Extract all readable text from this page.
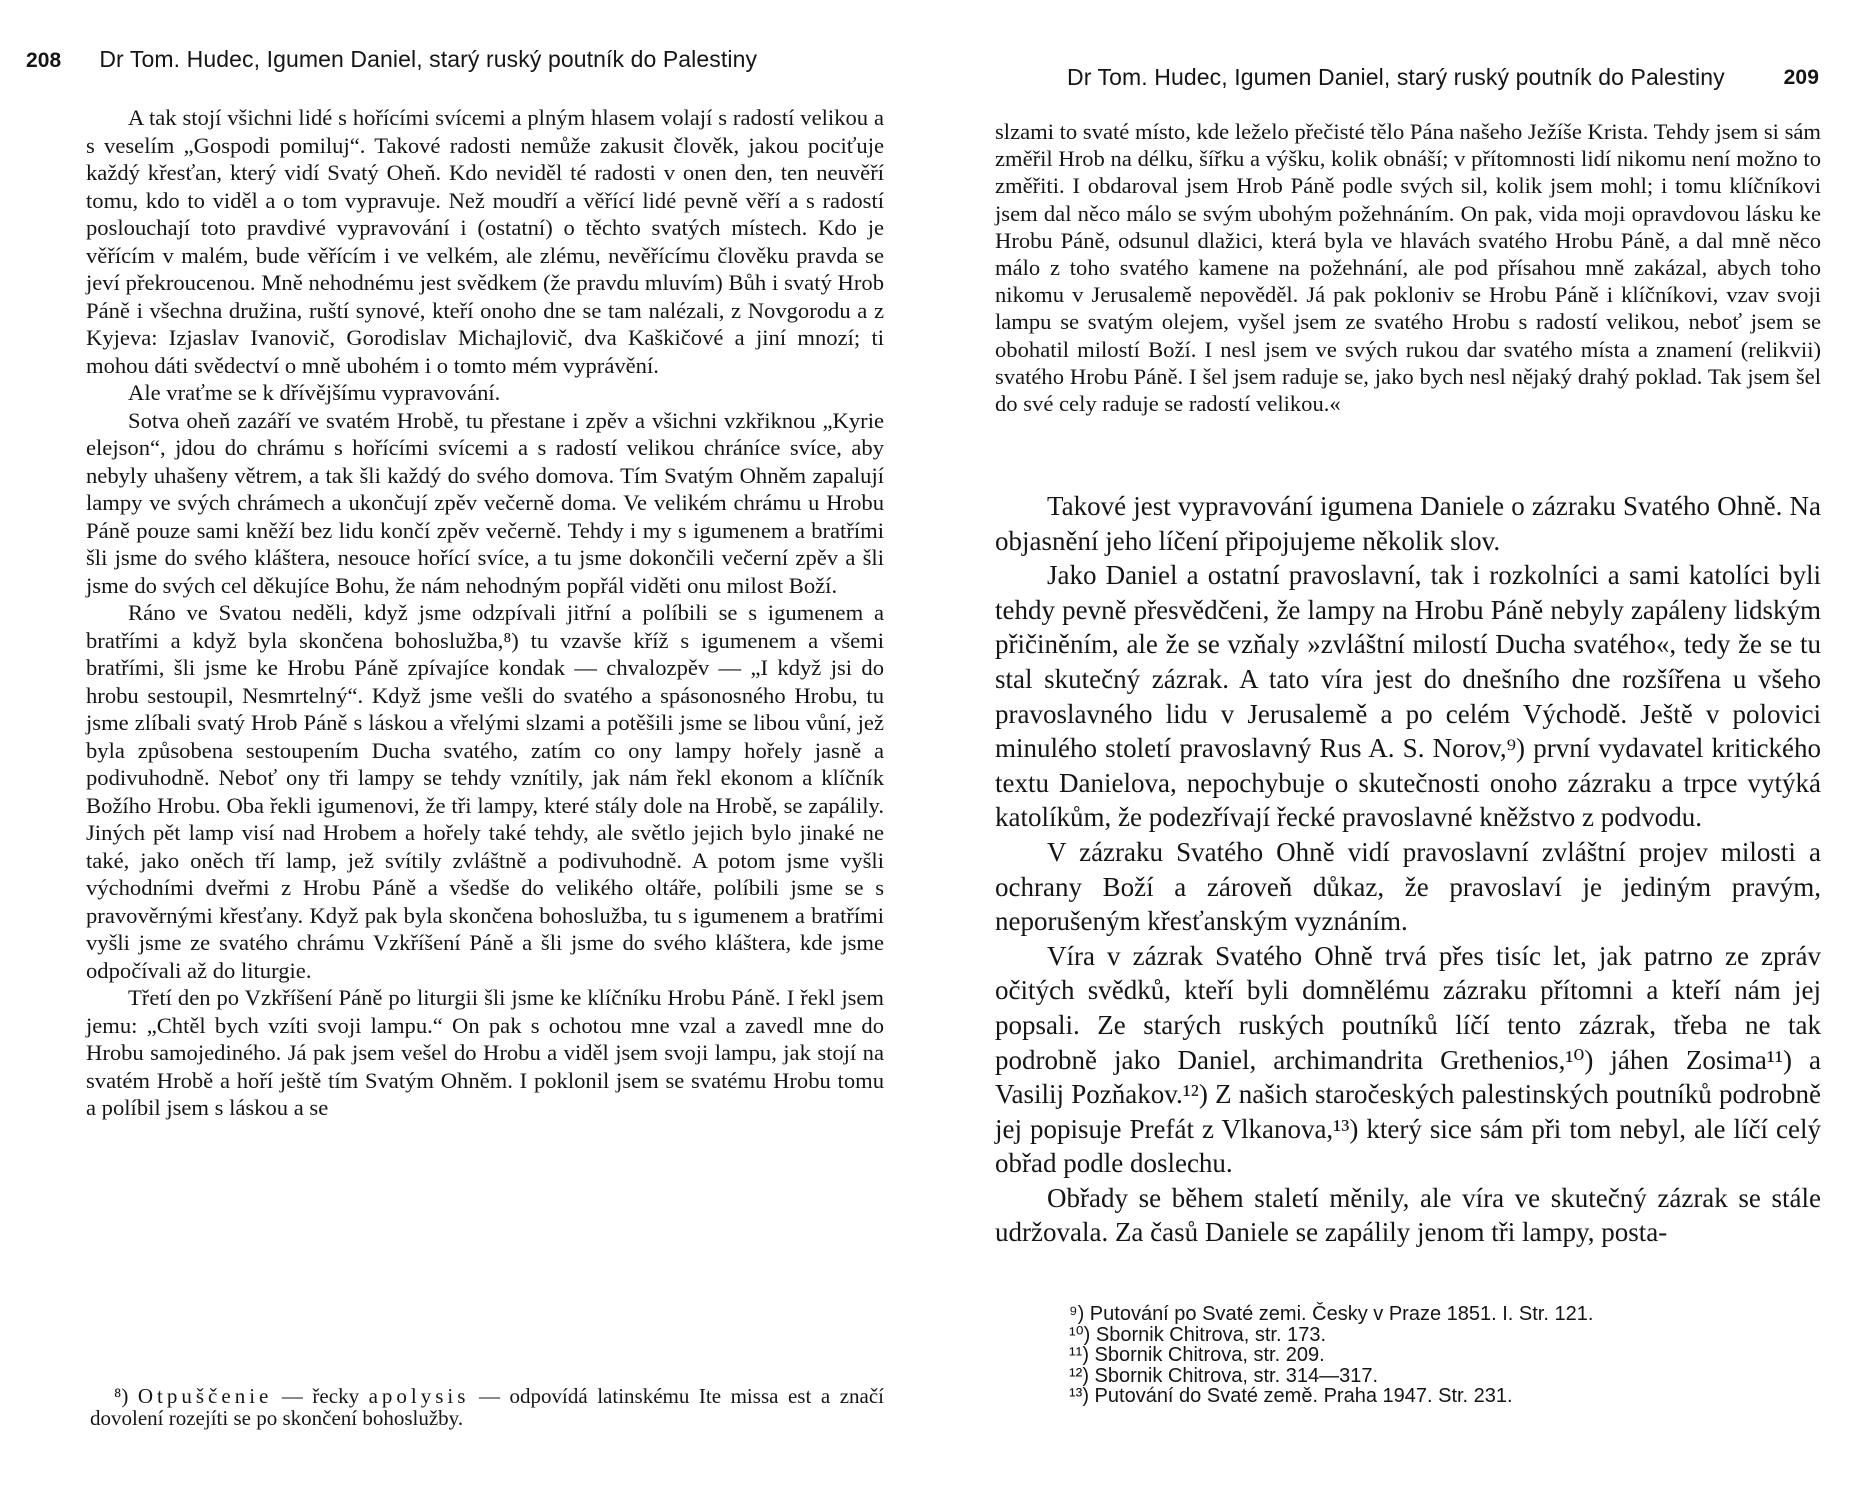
208 Dr Tom. Hudec, Igumen Daniel, starý ruský poutník do Palestiny

A tak stojí všichni lidé s hořícími svícemi a plným hlasem volají s radostí velikou a s veselím „Gospodi pomiluj“. Takové radosti nemůže zakusit člověk, jakou pociťuje každý křesťan, který vidí Svatý Oheň. Kdo neviděl té radosti v onen den, ten neuvěří tomu, kdo to viděl a o tom vypravuje. Než moudří a věřící lidé pevně věří a s radostí poslouchají toto pravdivé vypravování i (ostatní) o těchto svatých místech. Kdo je věřícím v malém, bude věřícím i ve velkém, ale zlému, nevěřícímu člověku pravda se jeví překroucenou. Mně nehodnému jest svědkem (že pravdu mluvím) Bůh i svatý Hrob Páně i všechna družina, ruští synové, kteří onoho dne se tam nalézali, z Novgorodu a z Kyjeva: Izjaslav Ivanovič, Gorodislav Michajlovič, dva Kaškičové a jiní mnozí; ti mohou dáti svědectví o mně ubohém i o tomto mém vyprávění.

Ale vraťme se k dřívějšímu vypravování.

Sotva oheň zazáří ve svatém Hrobě, tu přestane i zpěv a všichni vzkřiknou „Kyrie elejson“, jdou do chrámu s hořícími svícemi a s radostí velikou chráníce svíce, aby nebyly uhašeny větrem, a tak šli každý do svého domova. Tím Svatým Ohněm zapalují lampy ve svých chrámech a ukončují zpěv večerně doma. Ve velikém chrámu u Hrobu Páně pouze sami kněží bez lidu končí zpěv večerně. Tehdy i my s igumenem a bratřími šli jsme do svého kláštera, nesouce hořící svíce, a tu jsme dokončili večerní zpěv a šli jsme do svých cel děkujíce Bohu, že nám nehodným popřál viděti onu milost Boží.

Ráno ve Svatou neděli, když jsme odzpívali jitřní a políbili se s igumenem a bratřími a když byla skončena bohoslužba,⁸) tu vzavše kříž s igumenem a všemi bratřími, šli jsme ke Hrobu Páně zpívajíce kondak — chvalozpěv — „I když jsi do hrobu sestoupil, Nesmrtelný“. Když jsme vešli do svatého a spásonosného Hrobu, tu jsme zlíbali svatý Hrob Páně s láskou a vřelými slzami a potěšili jsme se libou vůní, jež byla způsobena sestoupením Ducha svatého, zatím co ony lampy hořely jasně a podivuhodně. Neboť ony tři lampy se tehdy vznítily, jak nám řekl ekonom a klíčník Božího Hrobu. Oba řekli igumenovi, že tři lampy, které stály dole na Hrobě, se zapálily. Jiných pět lamp visí nad Hrobem a hořely také tehdy, ale světlo jejich bylo jinaké ne také, jako oněch tří lamp, jež svítily zvláštně a podivuhodně. A potom jsme vyšli východními dveřmi z Hrobu Páně a všedše do velikého oltáře, políbili jsme se s pravověrnými křesťany. Když pak byla skončena bohoslužba, tu s igumenem a bratřími vyšli jsme ze svatého chrámu Vzkříšení Páně a šli jsme do svého kláštera, kde jsme odpočívali až do liturgie.

Třetí den po Vzkříšení Páně po liturgii šli jsme ke klíčníku Hrobu Páně. I řekl jsem jemu: „Chtěl bych vzíti svoji lampu.“ On pak s ochotou mne vzal a zavedl mne do Hrobu samojediného. Já pak jsem vešel do Hrobu a viděl jsem svoji lampu, jak stojí na svatém Hrobě a hoří ještě tím Svatým Ohněm. I poklonil jsem se svatému Hrobu tomu a políbil jsem s láskou a se

⁸) Otpuščenie — řecky apolysis — odpovídá latinskému Ite missa est a značí dovolení rozejíti se po skončení bohoslužby.

Dr Tom. Hudec, Igumen Daniel, starý ruský poutník do Palestiny	209

slzami to svaté místo, kde leželo přečisté tělo Pána našeho Ježíše Krista. Tehdy jsem si sám změřil Hrob na délku, šířku a výšku, kolik obnáší; v přítomnosti lidí nikomu není možno to změřiti. I obdaroval jsem Hrob Páně podle svých sil, kolik jsem mohl; i tomu klíčníkovi jsem dal něco málo se svým ubohým požehnáním. On pak, vida moji opravdovou lásku ke Hrobu Páně, odsunul dlažici, která byla ve hlavách svatého Hrobu Páně, a dal mně něco málo z toho svatého kamene na požehnání, ale pod přísahou mně zakázal, abych toho nikomu v Jerusalemě nepověděl. Já pak pokloniv se Hrobu Páně i klíčníkovi, vzav svoji lampu se svatým olejem, vyšel jsem ze svatého Hrobu s radostí velikou, neboť jsem se obohatil milostí Boží. I nesl jsem ve svých rukou dar svatého místa a znamení (relikvii) svatého Hrobu Páně. I šel jsem raduje se, jako bych nesl nějaký drahý poklad. Tak jsem šel do své cely raduje se radostí velikou.«

Takové jest vypravování igumena Daniele o zázraku Svatého Ohně. Na objasnění jeho líčení připojujeme několik slov.

Jako Daniel a ostatní pravoslavní, tak i rozkolníci a sami katolíci byli tehdy pevně přesvědčeni, že lampy na Hrobu Páně nebyly zapáleny lidským přičiněním, ale že se vzňaly »zvláštní milostí Ducha svatého«, tedy že se tu stal skutečný zázrak. A tato víra jest do dnešního dne rozšířena u všeho pravoslavného lidu v Jerusalemě a po celém Východě. Ještě v polovici minulého století pravoslavný Rus A. S. Norov,⁹) první vydavatel kritického textu Danielova, nepochybuje o skutečnosti onoho zázraku a trpce vytýká katolíkům, že podezřívají řecké pravoslavné kněžstvo z podvodu.

V zázraku Svatého Ohně vidí pravoslavní zvláštní projev milosti a ochrany Boží a zároveň důkaz, že pravoslaví je jediným pravým, neporušeným křesťanským vyznáním.

Víra v zázrak Svatého Ohně trvá přes tisíc let, jak patrno ze zpráv očitých svědků, kteří byli domnělému zázraku přítomni a kteří nám jej popsali. Ze starých ruských poutníků líčí tento zázrak, třeba ne tak podrobně jako Daniel, archimandrita Grethenios,¹⁰) jáhen Zosima¹¹) a Vasilij Pozňakov.¹²) Z našich staročeských palestinských poutníků podrobně jej popisuje Prefát z Vlkanova,¹³) který sice sám při tom nebyl, ale líčí celý obřad podle doslechu.

Obřady se během staletí měnily, ale víra ve skutečný zázrak se stále udržovala. Za časů Daniele se zapálily jenom tři lampy, posta-

⁹) Putování po Svaté zemi. Česky v Praze 1851. I. Str. 121.

¹⁰) Sbornik Chitrova, str. 173.

¹¹) Sbornik Chitrova, str. 209.

¹²) Sbornik Chitrova, str. 314—317.

¹³) Putování do Svaté země. Praha 1947. Str. 231.
